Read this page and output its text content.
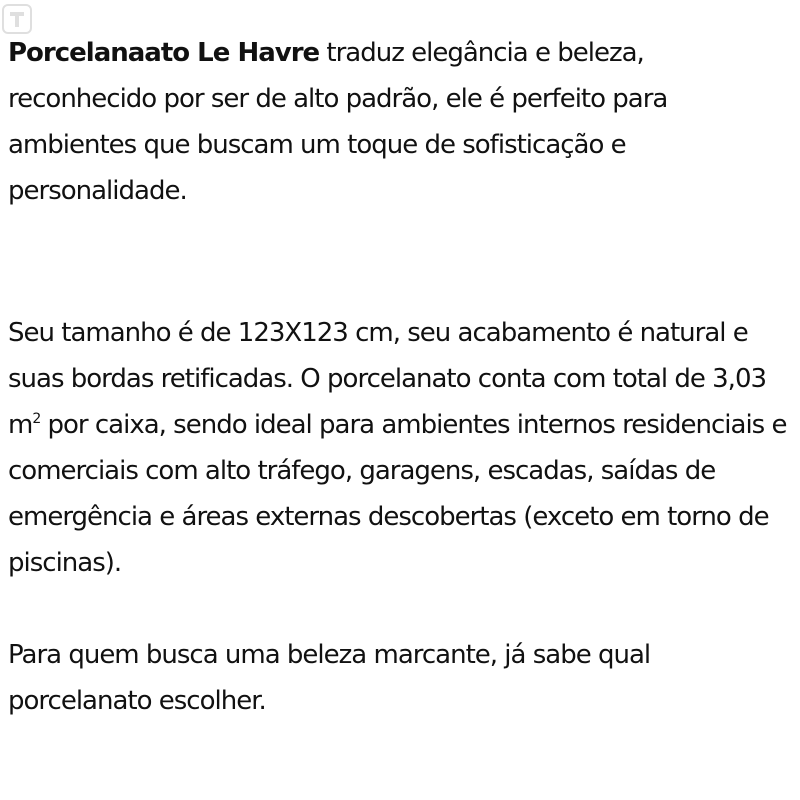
Porcelanaato Le Havre traduz elegância e beleza, reconhecido por ser de alto padrão, ele é perfeito para ambientes que buscam um toque de sofisticação e personalidade.

Seu tamanho é de 123X123 cm, seu acabamento é natural e suas bordas retificadas. O porcelanato conta com total de 3,03 $m^2$ por caixa, sendo ideal para ambientes internos residenciais e comerciais com alto tráfego, garagens, escadas, saídas de emergência e áreas externas descobertas (exceto em torno de piscinas).

Para quem busca uma beleza marcante, já sabe qual porcelanato escolher.
